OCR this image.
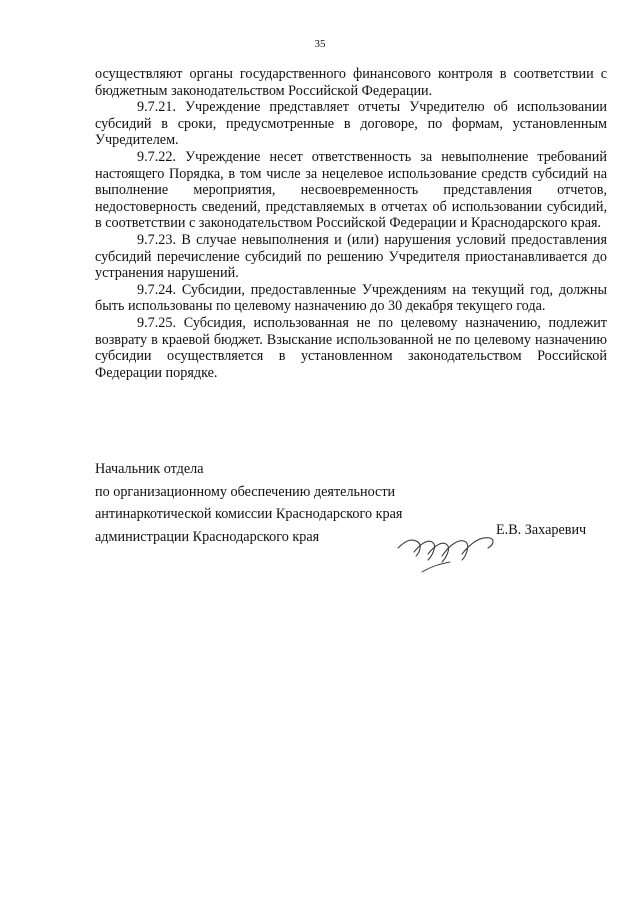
35

осуществляют органы государственного финансового контроля в соответствии с бюджетным законодательством Российской Федерации.

9.7.21. Учреждение представляет отчеты Учредителю об использовании субсидий в сроки, предусмотренные в договоре, по формам, установленным Учредителем.

9.7.22. Учреждение несет ответственность за невыполнение требований настоящего Порядка, в том числе за нецелевое использование средств субсидий на выполнение мероприятия, несвоевременность представления отчетов, недостоверность сведений, представляемых в отчетах об использовании субсидий, в соответствии с законодательством Российской Федерации и Краснодарского края.

9.7.23. В случае невыполнения и (или) нарушения условий предоставления субсидий перечисление субсидий по решению Учредителя приостанавливается до устранения нарушений.

9.7.24. Субсидии, предоставленные Учреждениям на текущий год, должны быть использованы по целевому назначению до 30 декабря текущего года.

9.7.25. Субсидия, использованная не по целевому назначению, подлежит возврату в краевой бюджет. Взыскание использованной не по целевому назначению субсидии осуществляется в установленном законодательством Российской Федерации порядке.

Начальник отдела
по организационному обеспечению деятельности
антинаркотической комиссии Краснодарского края
администрации Краснодарского края	Е.В. Захаревич
